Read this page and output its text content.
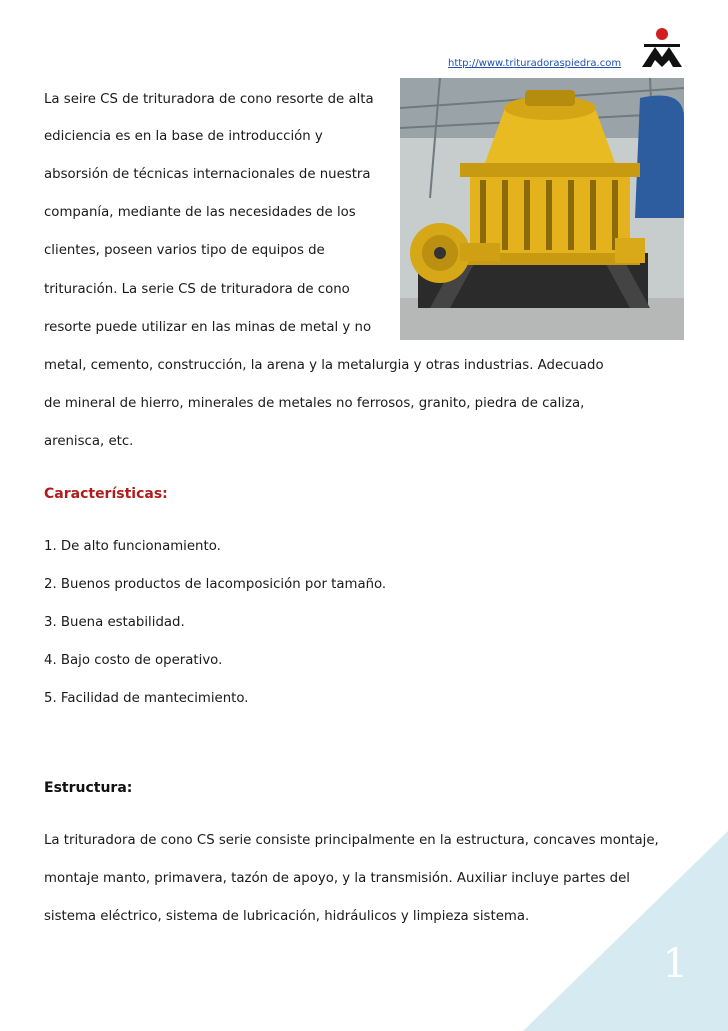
1
http://www.trituradoraspiedra.com
La seire CS de trituradora de cono resorte de alta
ediciencia es en la base de introducción y
absorsión de técnicas internacionales de nuestra
companía, mediante de las necesidades de los
clientes, poseen varios tipo de equipos de
trituración. La serie CS de trituradora de cono
resorte puede utilizar en las minas de metal y no
metal, cemento, construcción, la arena y la metalurgia y otras industrias. Adecuado
de mineral de hierro, minerales de metales no ferrosos, granito, piedra de caliza,
arenisca, etc.
Características:
1. De alto funcionamiento.
2. Buenos productos de lacomposición por tamaño.
3. Buena estabilidad.
4. Bajo costo de operativo.
5. Facilidad de mantecimiento.
Estructura:
La trituradora de cono CS serie consiste principalmente en la estructura, concaves montaje,
montaje manto, primavera, tazón de apoyo, y la transmisión. Auxiliar incluye partes del
sistema eléctrico, sistema de lubricación, hidráulicos y limpieza sistema.
